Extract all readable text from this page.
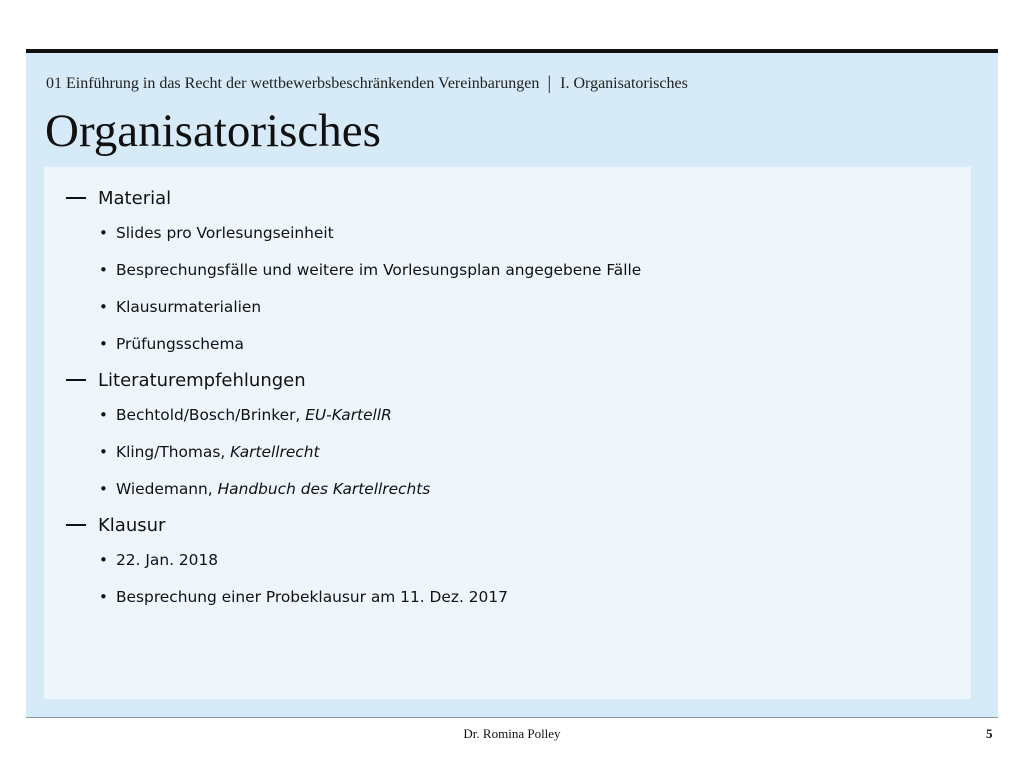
01 Einführung in das Recht der wettbewerbsbeschränkenden Vereinbarungen | I. Organisatorisches
Organisatorisches
Material
• Slides pro Vorlesungseinheit
• Besprechungsfälle und weitere im Vorlesungsplan angegebene Fälle
• Klausurmaterialien
• Prüfungsschema
Literaturempfehlungen
• Bechtold/Bosch/Brinker, EU-KartellR
• Kling/Thomas, Kartellrecht
• Wiedemann, Handbuch des Kartellrechts
Klausur
• 22. Jan. 2018
• Besprechung einer Probeklausur am 11. Dez. 2017
Dr. Romina Polley	5
